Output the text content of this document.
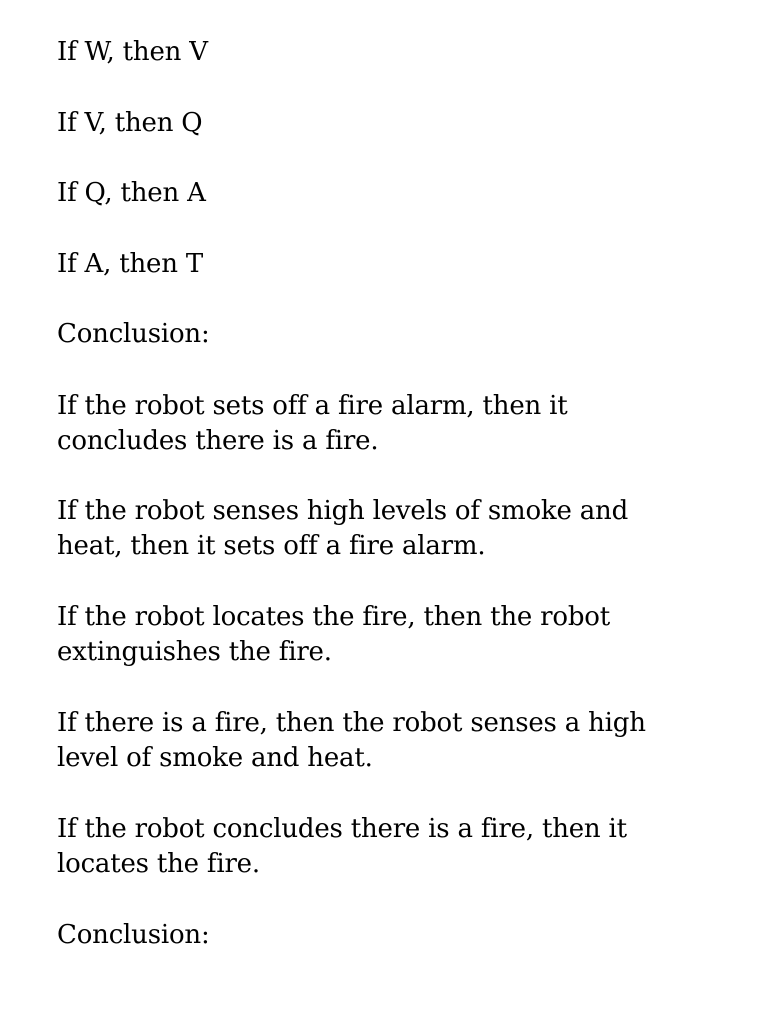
If W, then V
If V, then Q
If Q, then A
If A, then T
Conclusion:
If the robot sets off a fire alarm, then it concludes there is a fire.
If the robot senses high levels of smoke and heat, then it sets off a fire alarm.
If the robot locates the fire, then the robot extinguishes the fire.
If there is a fire, then the robot senses a high level of smoke and heat.
If the robot concludes there is a fire, then it locates the fire.
Conclusion:
